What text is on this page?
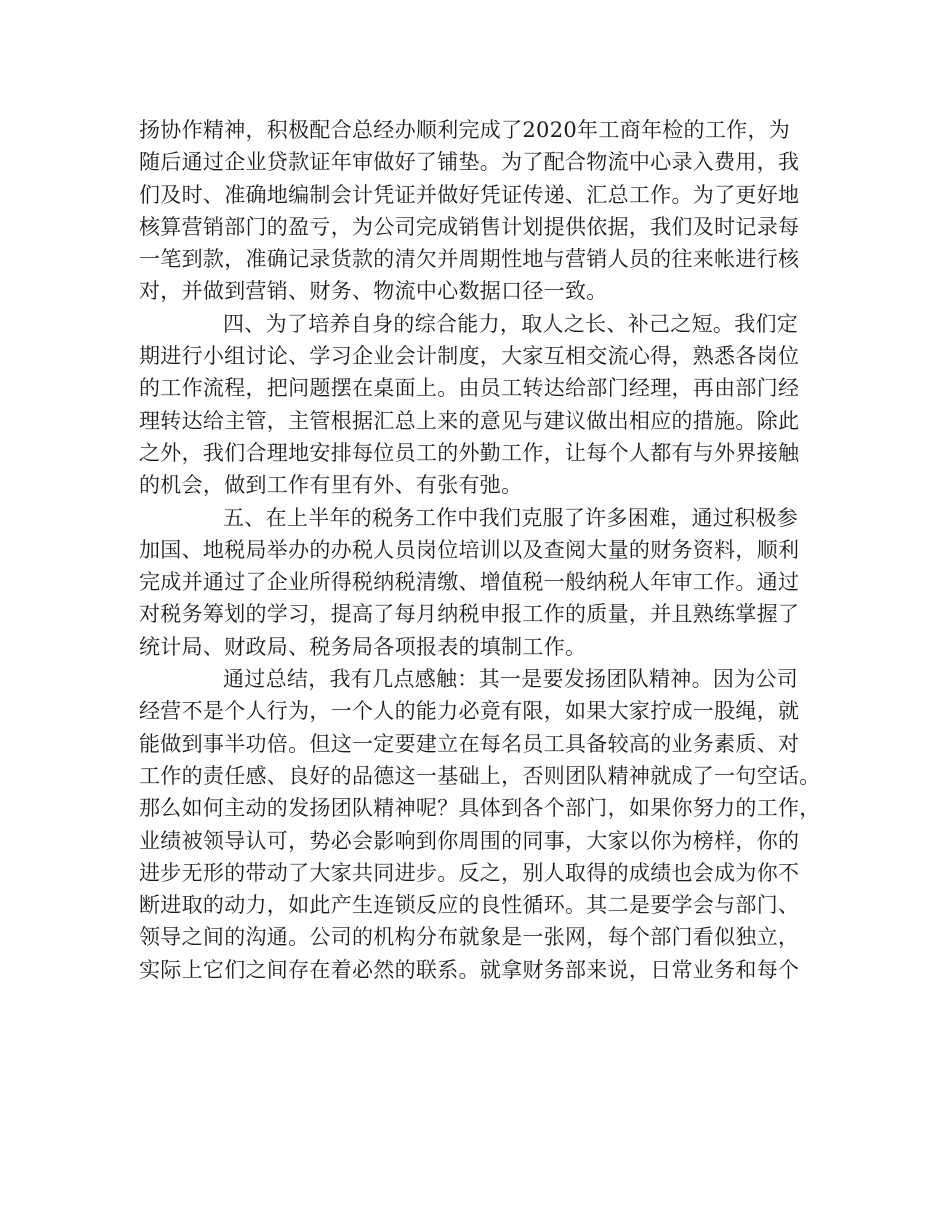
扬协作精神，积极配合总经办顺利完成了2020年工商年检的工作，为
随后通过企业贷款证年审做好了铺垫。为了配合物流中心录入费用，我
们及时、准确地编制会计凭证并做好凭证传递、汇总工作。为了更好地
核算营销部门的盈亏，为公司完成销售计划提供依据，我们及时记录每
一笔到款，准确记录货款的清欠并周期性地与营销人员的往来帐进行核
对，并做到营销、财务、物流中心数据口径一致。
四、为了培养自身的综合能力，取人之长、补己之短。我们定
期进行小组讨论、学习企业会计制度，大家互相交流心得，熟悉各岗位
的工作流程，把问题摆在桌面上。由员工转达给部门经理，再由部门经
理转达给主管，主管根据汇总上来的意见与建议做出相应的措施。除此
之外，我们合理地安排每位员工的外勤工作，让每个人都有与外界接触
的机会，做到工作有里有外、有张有弛。
五、在上半年的税务工作中我们克服了许多困难，通过积极参
加国、地税局举办的办税人员岗位培训以及查阅大量的财务资料，顺利
完成并通过了企业所得税纳税清缴、增值税一般纳税人年审工作。通过
对税务筹划的学习，提高了每月纳税申报工作的质量，并且熟练掌握了
统计局、财政局、税务局各项报表的填制工作。
通过总结，我有几点感触：其一是要发扬团队精神。因为公司
经营不是个人行为，一个人的能力必竟有限，如果大家拧成一股绳，就
能做到事半功倍。但这一定要建立在每名员工具备较高的业务素质、对
工作的责任感、良好的品德这一基础上，否则团队精神就成了一句空话。
那么如何主动的发扬团队精神呢？具体到各个部门，如果你努力的工作，
业绩被领导认可，势必会影响到你周围的同事，大家以你为榜样，你的
进步无形的带动了大家共同进步。反之，别人取得的成绩也会成为你不
断进取的动力，如此产生连锁反应的良性循环。其二是要学会与部门、
领导之间的沟通。公司的机构分布就象是一张网，每个部门看似独立，
实际上它们之间存在着必然的联系。就拿财务部来说，日常业务和每个
